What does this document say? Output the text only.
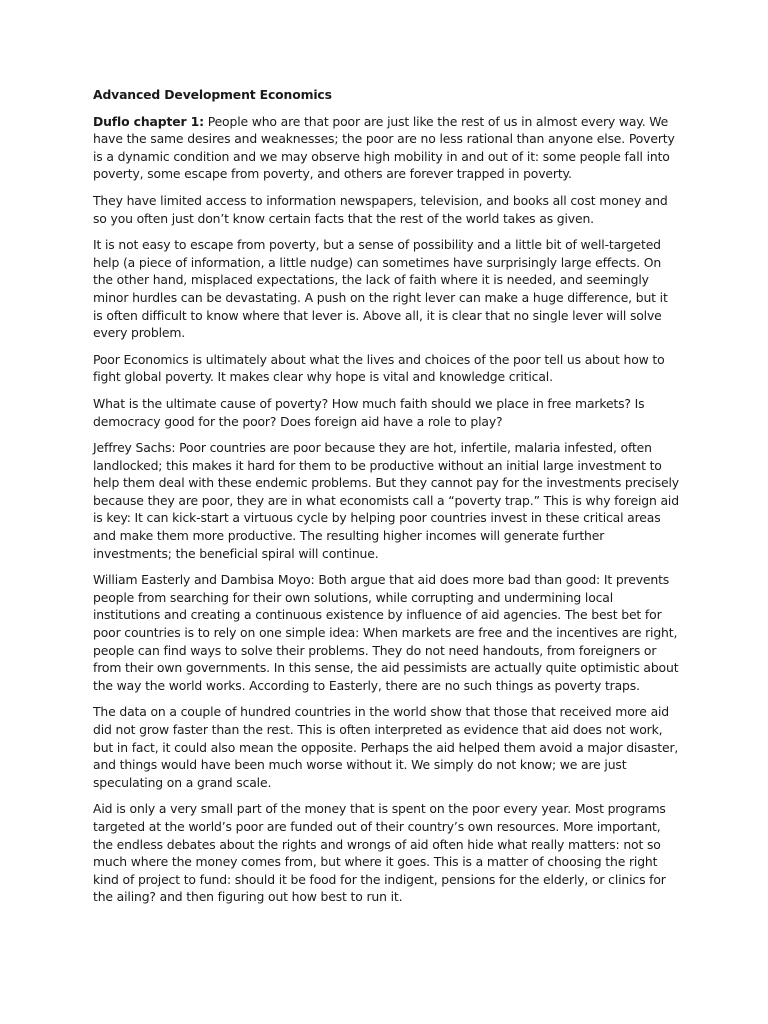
Advanced Development Economics

Duflo chapter 1: People who are that poor are just like the rest of us in almost every way. We have the same desires and weaknesses; the poor are no less rational than anyone else. Poverty is a dynamic condition and we may observe high mobility in and out of it: some people fall into poverty, some escape from poverty, and others are forever trapped in poverty.

They have limited access to information newspapers, television, and books all cost money and so you often just don’t know certain facts that the rest of the world takes as given.

It is not easy to escape from poverty, but a sense of possibility and a little bit of well-targeted help (a piece of information, a little nudge) can sometimes have surprisingly large effects. On the other hand, misplaced expectations, the lack of faith where it is needed, and seemingly minor hurdles can be devastating. A push on the right lever can make a huge difference, but it is often difficult to know where that lever is. Above all, it is clear that no single lever will solve every problem.

Poor Economics is ultimately about what the lives and choices of the poor tell us about how to fight global poverty. It makes clear why hope is vital and knowledge critical.

What is the ultimate cause of poverty? How much faith should we place in free markets? Is democracy good for the poor? Does foreign aid have a role to play?

Jeffrey Sachs: Poor countries are poor because they are hot, infertile, malaria infested, often landlocked; this makes it hard for them to be productive without an initial large investment to help them deal with these endemic problems. But they cannot pay for the investments precisely because they are poor, they are in what economists call a “poverty trap.” This is why foreign aid is key: It can kick-start a virtuous cycle by helping poor countries invest in these critical areas and make them more productive. The resulting higher incomes will generate further investments; the beneficial spiral will continue.

William Easterly and Dambisa Moyo: Both argue that aid does more bad than good: It prevents people from searching for their own solutions, while corrupting and undermining local institutions and creating a continuous existence by influence of aid agencies. The best bet for poor countries is to rely on one simple idea: When markets are free and the incentives are right, people can find ways to solve their problems. They do not need handouts, from foreigners or from their own governments. In this sense, the aid pessimists are actually quite optimistic about the way the world works. According to Easterly, there are no such things as poverty traps.

The data on a couple of hundred countries in the world show that those that received more aid did not grow faster than the rest. This is often interpreted as evidence that aid does not work, but in fact, it could also mean the opposite. Perhaps the aid helped them avoid a major disaster, and things would have been much worse without it. We simply do not know; we are just speculating on a grand scale.

Aid is only a very small part of the money that is spent on the poor every year. Most programs targeted at the world’s poor are funded out of their country’s own resources. More important, the endless debates about the rights and wrongs of aid often hide what really matters: not so much where the money comes from, but where it goes. This is a matter of choosing the right kind of project to fund: should it be food for the indigent, pensions for the elderly, or clinics for the ailing? and then figuring out how best to run it.
